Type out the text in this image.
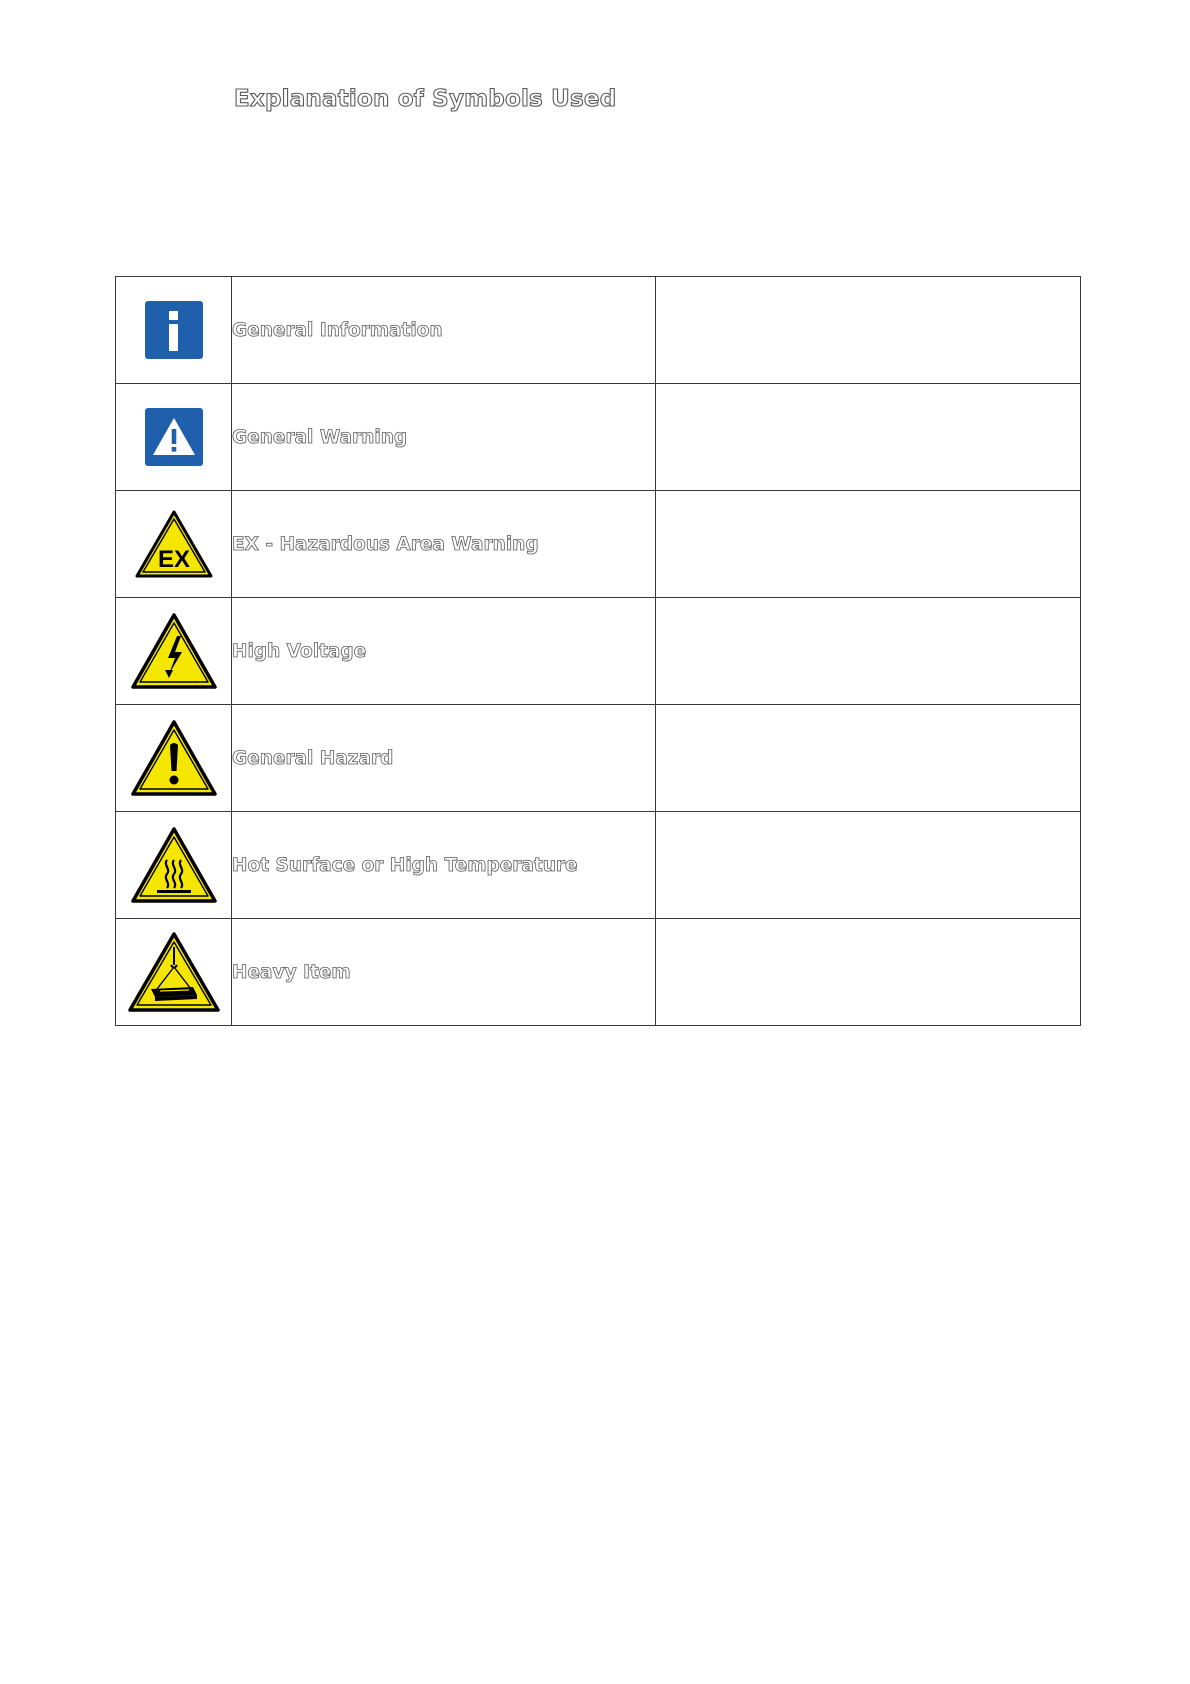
Explanation of Symbols Used
	General Information	

	General Warning	

EX	EX - Hazardous Area Warning	

	High Voltage	

	General Hazard	

	Hot Surface or High Temperature	

	Heavy Item	
